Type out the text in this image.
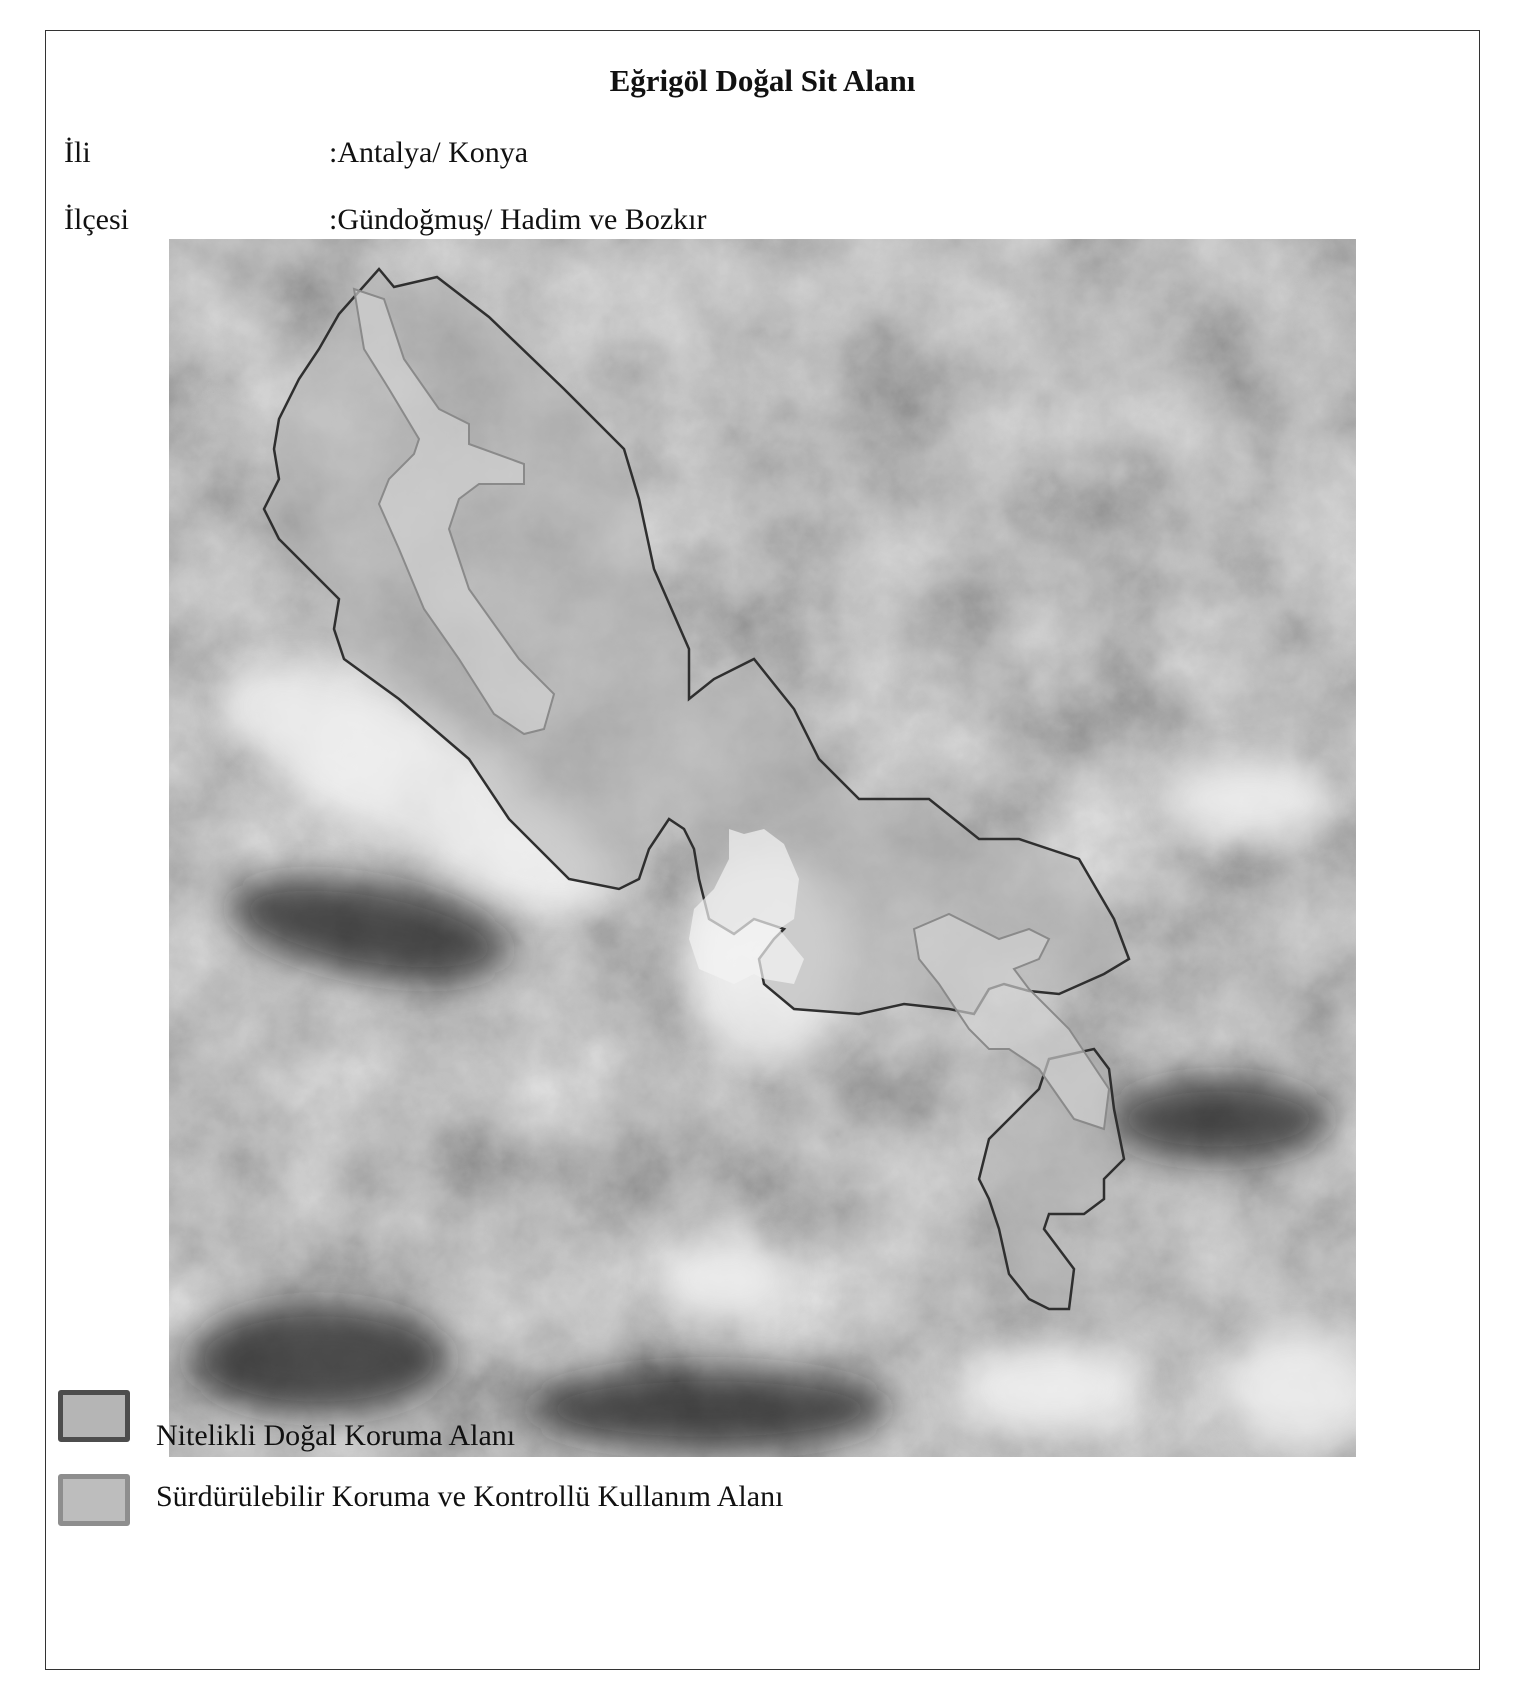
Eğrigöl Doğal Sit Alanı
İli	:Antalya/ Konya
İlçesi	:Gündoğmuş/ Hadim ve Bozkır
Nitelikli Doğal Koruma Alanı
Sürdürülebilir Koruma ve Kontrollü Kullanım Alanı
